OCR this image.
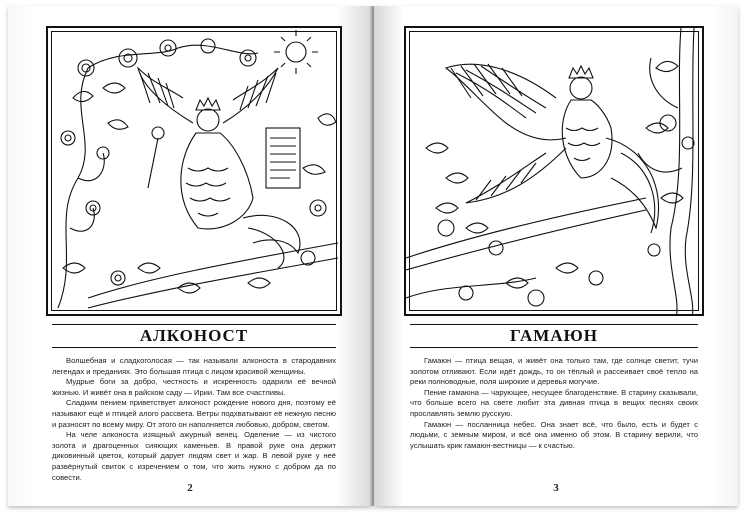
АЛКОНОСТ

Волшебная и сладкоголосая — так называли алконоста в стародавних легендах и преданиях. Это большая птица с лицом красивой женщины.

Мудрые боги за добро, честность и искренность одарили её вечной жизнью. И живёт она в райском саду — Ирии. Там все счастливы.

Сладким пением приветствует алконост рождение нового дня, поэтому её называют ещё и птицей алого рассвета. Ветры подхватывают её нежную песню и разносят по всему миру. От этого он наполняется любовью, добром, светом.

На челе алконоста изящный ажурный венец. Оделение — из чистого золота и драгоценных сияющих каменьев. В правой руке она держит диковинный цветок, который дарует людям свет и жар. В левой руке у неё развёрнутый свиток с изречением о том, что жить нужно с добром да по совести.

2
ГАМАЮН

Гамаюн — птица вещая, и живёт она только там, где солнце светит, тучи золотом отливают. Если идёт дождь, то он тёплый и рассеивает своё тепло на реки полноводные, поля широкие и деревья могучие.

Пение гамаюна — чарующее, несущее благоденствие. В старину сказывали, что больше всего на свете любит эта дивная птица в вещих песнях своих прославлять землю русскую.

Гамаюн — посланница небес. Она знает всё, что было, есть и будет с людьми, с земным миром, и всё она именно об этом. В старину верили, что услышать крик гамаюн-вестницы — к счастью.

3
